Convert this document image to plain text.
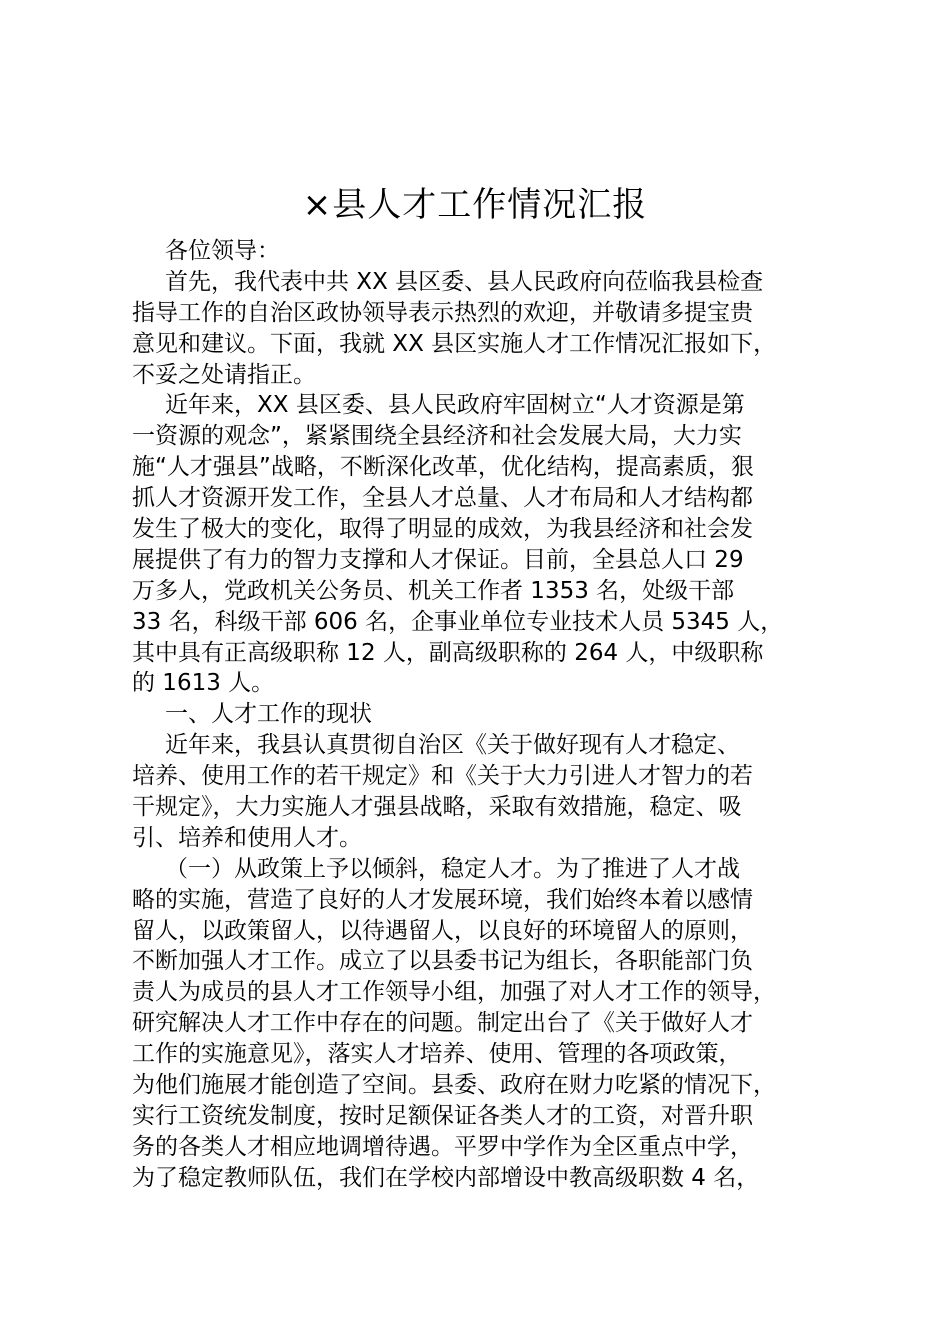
×县人才工作情况汇报
各位领导：
首先，我代表中共 XX 县区委、县人民政府向莅临我县检查
指导工作的自治区政协领导表示热烈的欢迎，并敬请多提宝贵
意见和建议。下面，我就 XX 县区实施人才工作情况汇报如下，
不妥之处请指正。
近年来，XX 县区委、县人民政府牢固树立“人才资源是第
一资源的观念”，紧紧围绕全县经济和社会发展大局，大力实
施“人才强县”战略，不断深化改革，优化结构，提高素质，狠
抓人才资源开发工作，全县人才总量、人才布局和人才结构都
发生了极大的变化，取得了明显的成效，为我县经济和社会发
展提供了有力的智力支撑和人才保证。目前，全县总人口 29
万多人，党政机关公务员、机关工作者 1353 名，处级干部
33 名，科级干部 606 名，企事业单位专业技术人员 5345 人，
其中具有正高级职称 12 人，副高级职称的 264 人，中级职称
的 1613 人。
一、人才工作的现状
近年来，我县认真贯彻自治区《关于做好现有人才稳定、
培养、使用工作的若干规定》和《关于大力引进人才智力的若
干规定》，大力实施人才强县战略，采取有效措施，稳定、吸
引、培养和使用人才。
（一）从政策上予以倾斜，稳定人才。为了推进了人才战
略的实施，营造了良好的人才发展环境，我们始终本着以感情
留人，以政策留人，以待遇留人，以良好的环境留人的原则，
不断加强人才工作。成立了以县委书记为组长，各职能部门负
责人为成员的县人才工作领导小组，加强了对人才工作的领导，
研究解决人才工作中存在的问题。制定出台了《关于做好人才
工作的实施意见》，落实人才培养、使用、管理的各项政策，
为他们施展才能创造了空间。县委、政府在财力吃紧的情况下，
实行工资统发制度，按时足额保证各类人才的工资，对晋升职
务的各类人才相应地调增待遇。平罗中学作为全区重点中学，
为了稳定教师队伍，我们在学校内部增设中教高级职数 4 名，
